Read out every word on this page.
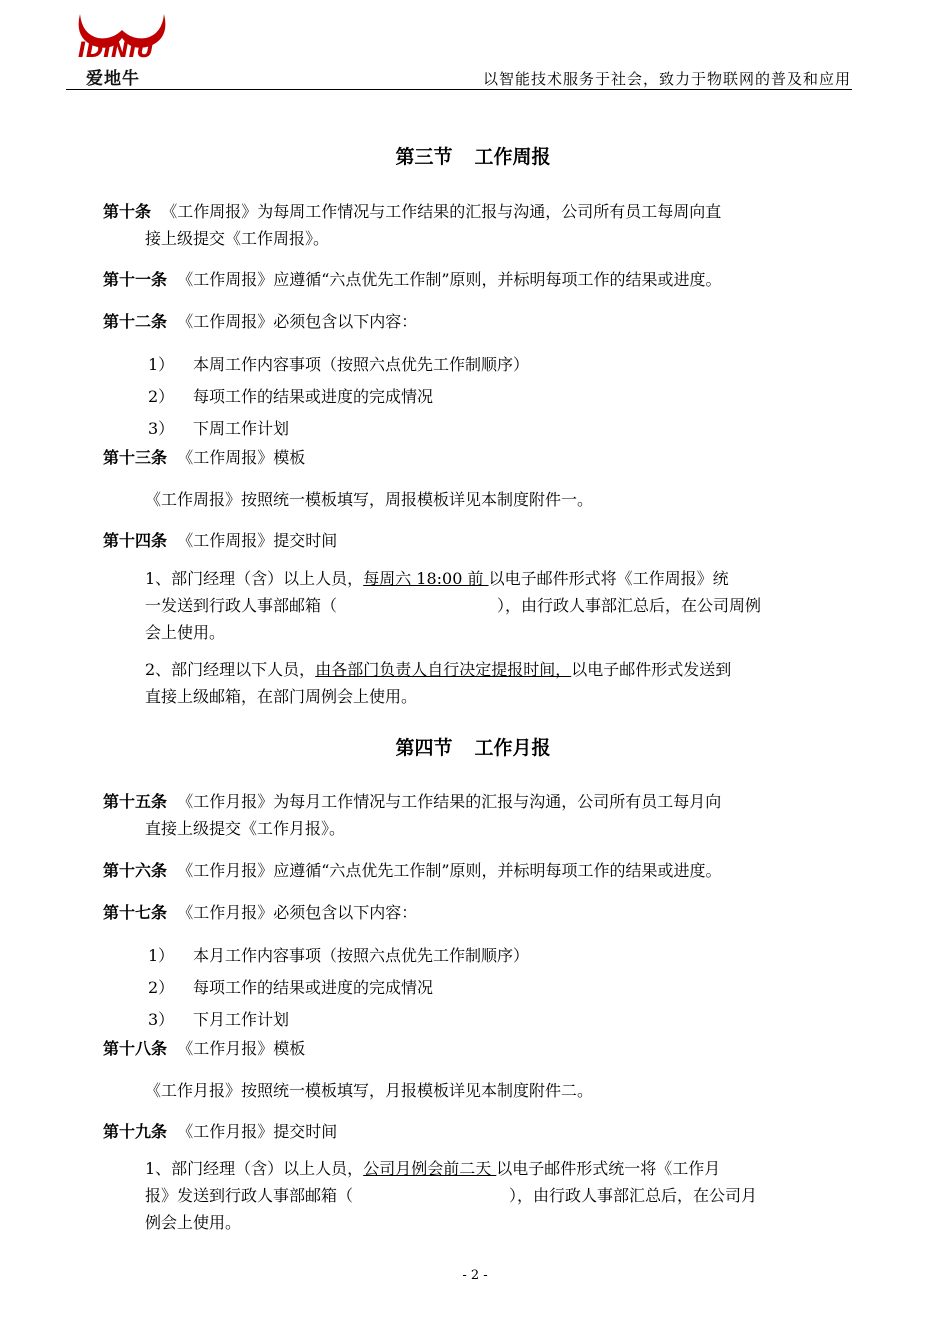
IDINIU
爱地牛	以智能技术服务于社会，致力于物联网的普及和应用
第三节 工作周报
第十条 《工作周报》为每周工作情况与工作结果的汇报与沟通，公司所有员工每周向直
接上级提交《工作周报》。
第十一条 《工作周报》应遵循“六点优先工作制”原则，并标明每项工作的结果或进度。
第十二条 《工作周报》必须包含以下内容：
1） 本周工作内容事项（按照六点优先工作制顺序）
2） 每项工作的结果或进度的完成情况
3） 下周工作计划
第十三条 《工作周报》模板
《工作周报》按照统一模板填写，周报模板详见本制度附件一。
第十四条 《工作周报》提交时间
1、部门经理（含）以上人员，每周六 18:00 前 以电子邮件形式将《工作周报》统
一发送到行政人事部邮箱（	），由行政人事部汇总后，在公司周例
会上使用。
2、部门经理以下人员，由各部门负责人自行决定提报时间，以电子邮件形式发送到
直接上级邮箱，在部门周例会上使用。
第四节 工作月报
第十五条 《工作月报》为每月工作情况与工作结果的汇报与沟通，公司所有员工每月向
直接上级提交《工作月报》。
第十六条 《工作月报》应遵循“六点优先工作制”原则，并标明每项工作的结果或进度。
第十七条 《工作月报》必须包含以下内容：
1） 本月工作内容事项（按照六点优先工作制顺序）
2） 每项工作的结果或进度的完成情况
3） 下月工作计划
第十八条 《工作月报》模板
《工作月报》按照统一模板填写，月报模板详见本制度附件二。
第十九条 《工作月报》提交时间
1、部门经理（含）以上人员，公司月例会前二天 以电子邮件形式统一将《工作月
报》发送到行政人事部邮箱（	），由行政人事部汇总后，在公司月
例会上使用。
- 2 -
